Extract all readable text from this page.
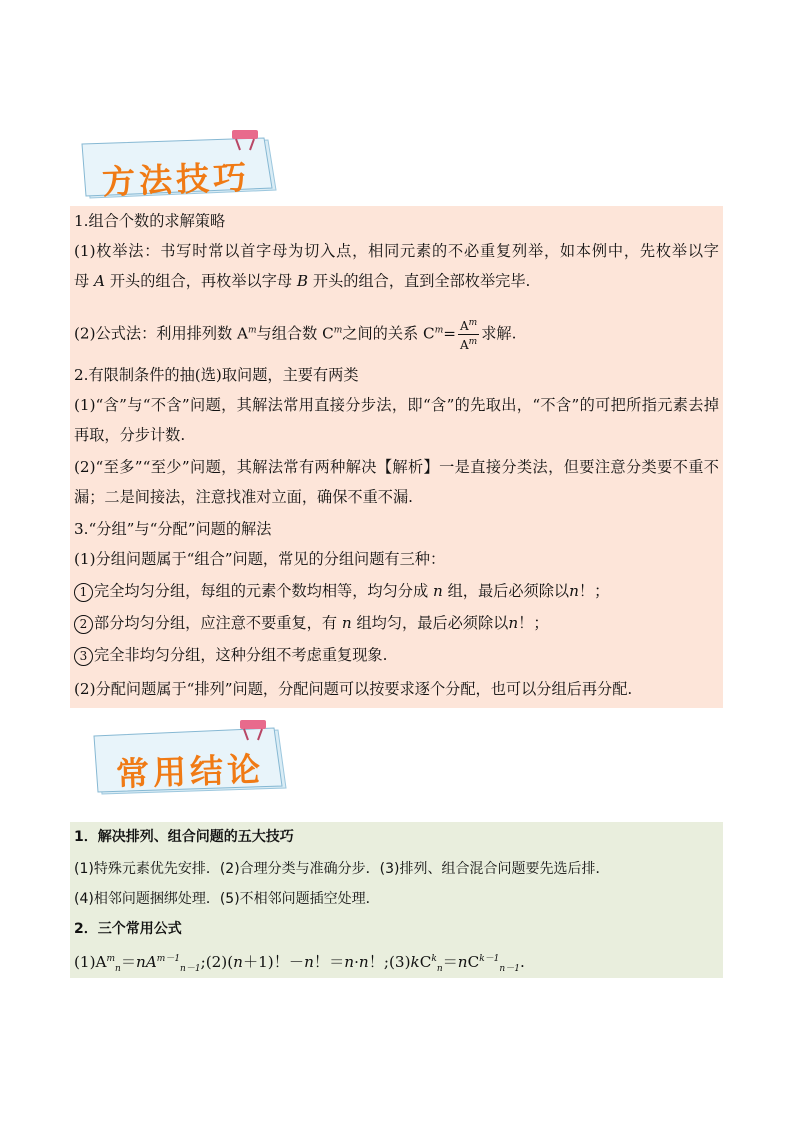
方法技巧
1.组合个数的求解策略
(1)枚举法：书写时常以首字母为切入点，相同元素的不必重复列举，如本例中，先枚举以字
母 A 开头的组合，再枚举以字母 B 开头的组合，直到全部枚举完毕.
(2)公式法：利用排列数 $A^m$与组合数 $C^m$之间的关系 $C^m= \frac{A^m}{A^m}$ 求解.
2.有限制条件的抽(选)取问题，主要有两类
(1)“含”与“不含”问题，其解法常用直接分步法，即“含”的先取出，“不含”的可把所指元素去掉
再取，分步计数.
(2)“至多”“至少”问题，其解法常有两种解决【解析】一是直接分类法，但要注意分类要不重不
漏；二是间接法，注意找准对立面，确保不重不漏.
3.“分组”与“分配”问题的解法
(1)分组问题属于“组合”问题，常见的分组问题有三种：
1 完全均匀分组，每组的元素个数均相等，均匀分成 n 组，最后必须除以n！；
2 部分均匀分组，应注意不要重复，有 n 组均匀，最后必须除以n！；
3 完全非均匀分组，这种分组不考虑重复现象.
(2)分配问题属于“排列”问题，分配问题可以按要求逐个分配，也可以分组后再分配.
常用结论
1．解决排列、组合问题的五大技巧
(1)特殊元素优先安排．(2)合理分类与准确分步．(3)排列、组合混合问题要先选后排．
(4)相邻问题捆绑处理．(5)不相邻问题插空处理．
2．三个常用公式
$(1)A^m_n=nA^{m-1}_{n-1};(2)(n+1)$！－n！＝n·n！$;(3)kC^k_n=nC^{k-1}_{n-1}$.
